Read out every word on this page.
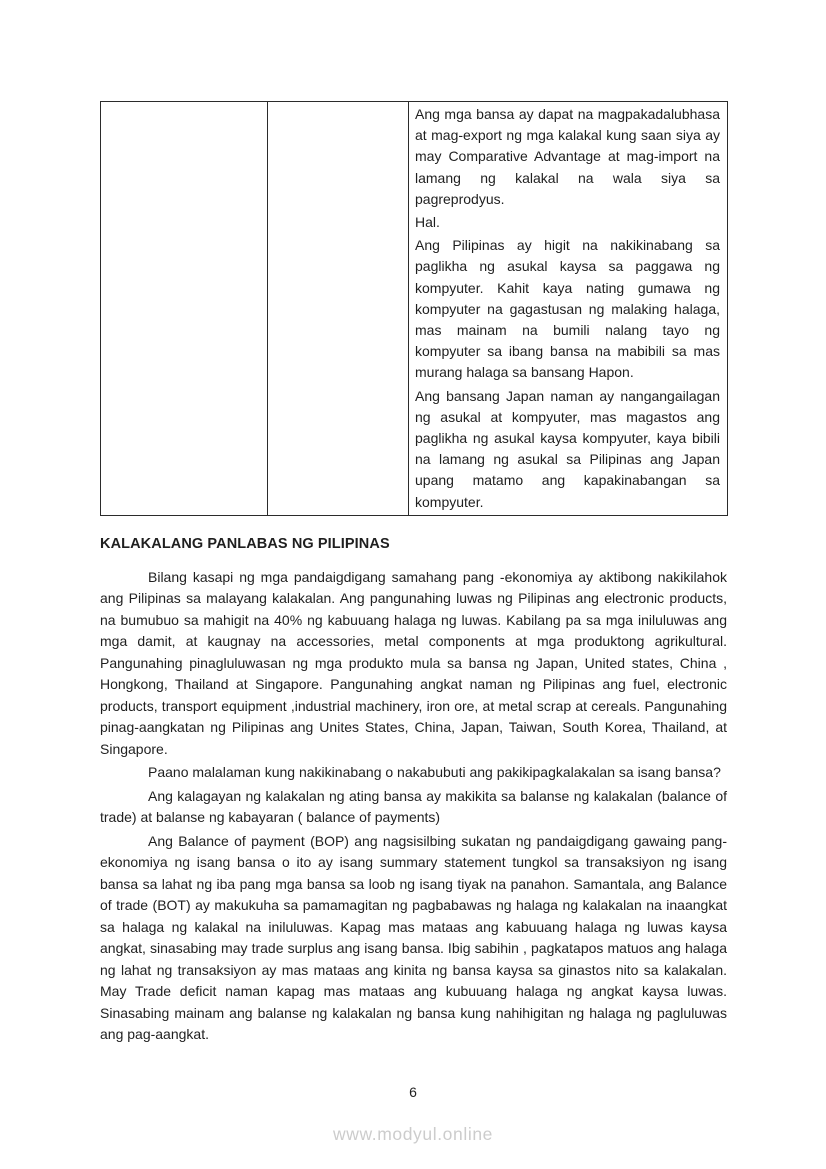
Ang mga bansa ay dapat na magpakadalubhasa at mag-export ng mga kalakal kung saan siya ay may Comparative Advantage at mag-import na lamang ng kalakal na wala siya sa pagreprodyus.

Hal.

Ang Pilipinas ay higit na nakikinabang sa paglikha ng asukal kaysa sa paggawa ng kompyuter. Kahit kaya nating gumawa ng kompyuter na gagastusan ng malaking halaga, mas mainam na bumili nalang tayo ng kompyuter sa ibang bansa na mabibili sa mas murang halaga sa bansang Hapon.

Ang bansang Japan naman ay nangangailagan ng asukal at kompyuter, mas magastos ang paglikha ng asukal kaysa kompyuter, kaya bibili na lamang ng asukal sa Pilipinas ang Japan upang matamo ang kapakinabangan sa kompyuter.

KALAKALANG PANLABAS NG PILIPINAS

Bilang kasapi ng mga pandaigdigang samahang pang -ekonomiya ay aktibong nakikilahok ang Pilipinas sa malayang kalakalan. Ang pangunahing luwas ng Pilipinas ang electronic products, na bumubuo sa mahigit na 40% ng kabuuang halaga ng luwas. Kabilang pa sa mga iniluluwas ang mga damit, at kaugnay na accessories, metal components at mga produktong agrikultural. Pangunahing pinagluluwasan ng mga produkto mula sa bansa ng Japan, United states, China , Hongkong, Thailand at Singapore. Pangunahing angkat naman ng Pilipinas ang fuel, electronic products, transport equipment ,industrial machinery, iron ore, at metal scrap at cereals. Pangunahing pinag-aangkatan ng Pilipinas ang Unites States, China, Japan, Taiwan, South Korea, Thailand, at Singapore.

Paano malalaman kung nakikinabang o nakabubuti ang pakikipagkalakalan sa isang bansa?

Ang kalagayan ng kalakalan ng ating bansa ay makikita sa balanse ng kalakalan (balance of trade) at balanse ng kabayaran ( balance of payments)

Ang Balance of payment (BOP) ang nagsisilbing sukatan ng pandaigdigang gawaing pang-ekonomiya ng isang bansa o ito ay isang summary statement tungkol sa transaksiyon ng isang bansa sa lahat ng iba pang mga bansa sa loob ng isang tiyak na panahon. Samantala, ang Balance of trade (BOT) ay makukuha sa pamamagitan ng pagbabawas ng halaga ng kalakalan na inaangkat sa halaga ng kalakal na iniluluwas. Kapag mas mataas ang kabuuang halaga ng luwas kaysa angkat, sinasabing may trade surplus ang isang bansa. Ibig sabihin , pagkatapos matuos ang halaga ng lahat ng transaksiyon ay mas mataas ang kinita ng bansa kaysa sa ginastos nito sa kalakalan. May Trade deficit naman kapag mas mataas ang kubuuang halaga ng angkat kaysa luwas. Sinasabing mainam ang balanse ng kalakalan ng bansa kung nahihigitan ng halaga ng pagluluwas ang pag-aangkat.

6
www.modyul.online
